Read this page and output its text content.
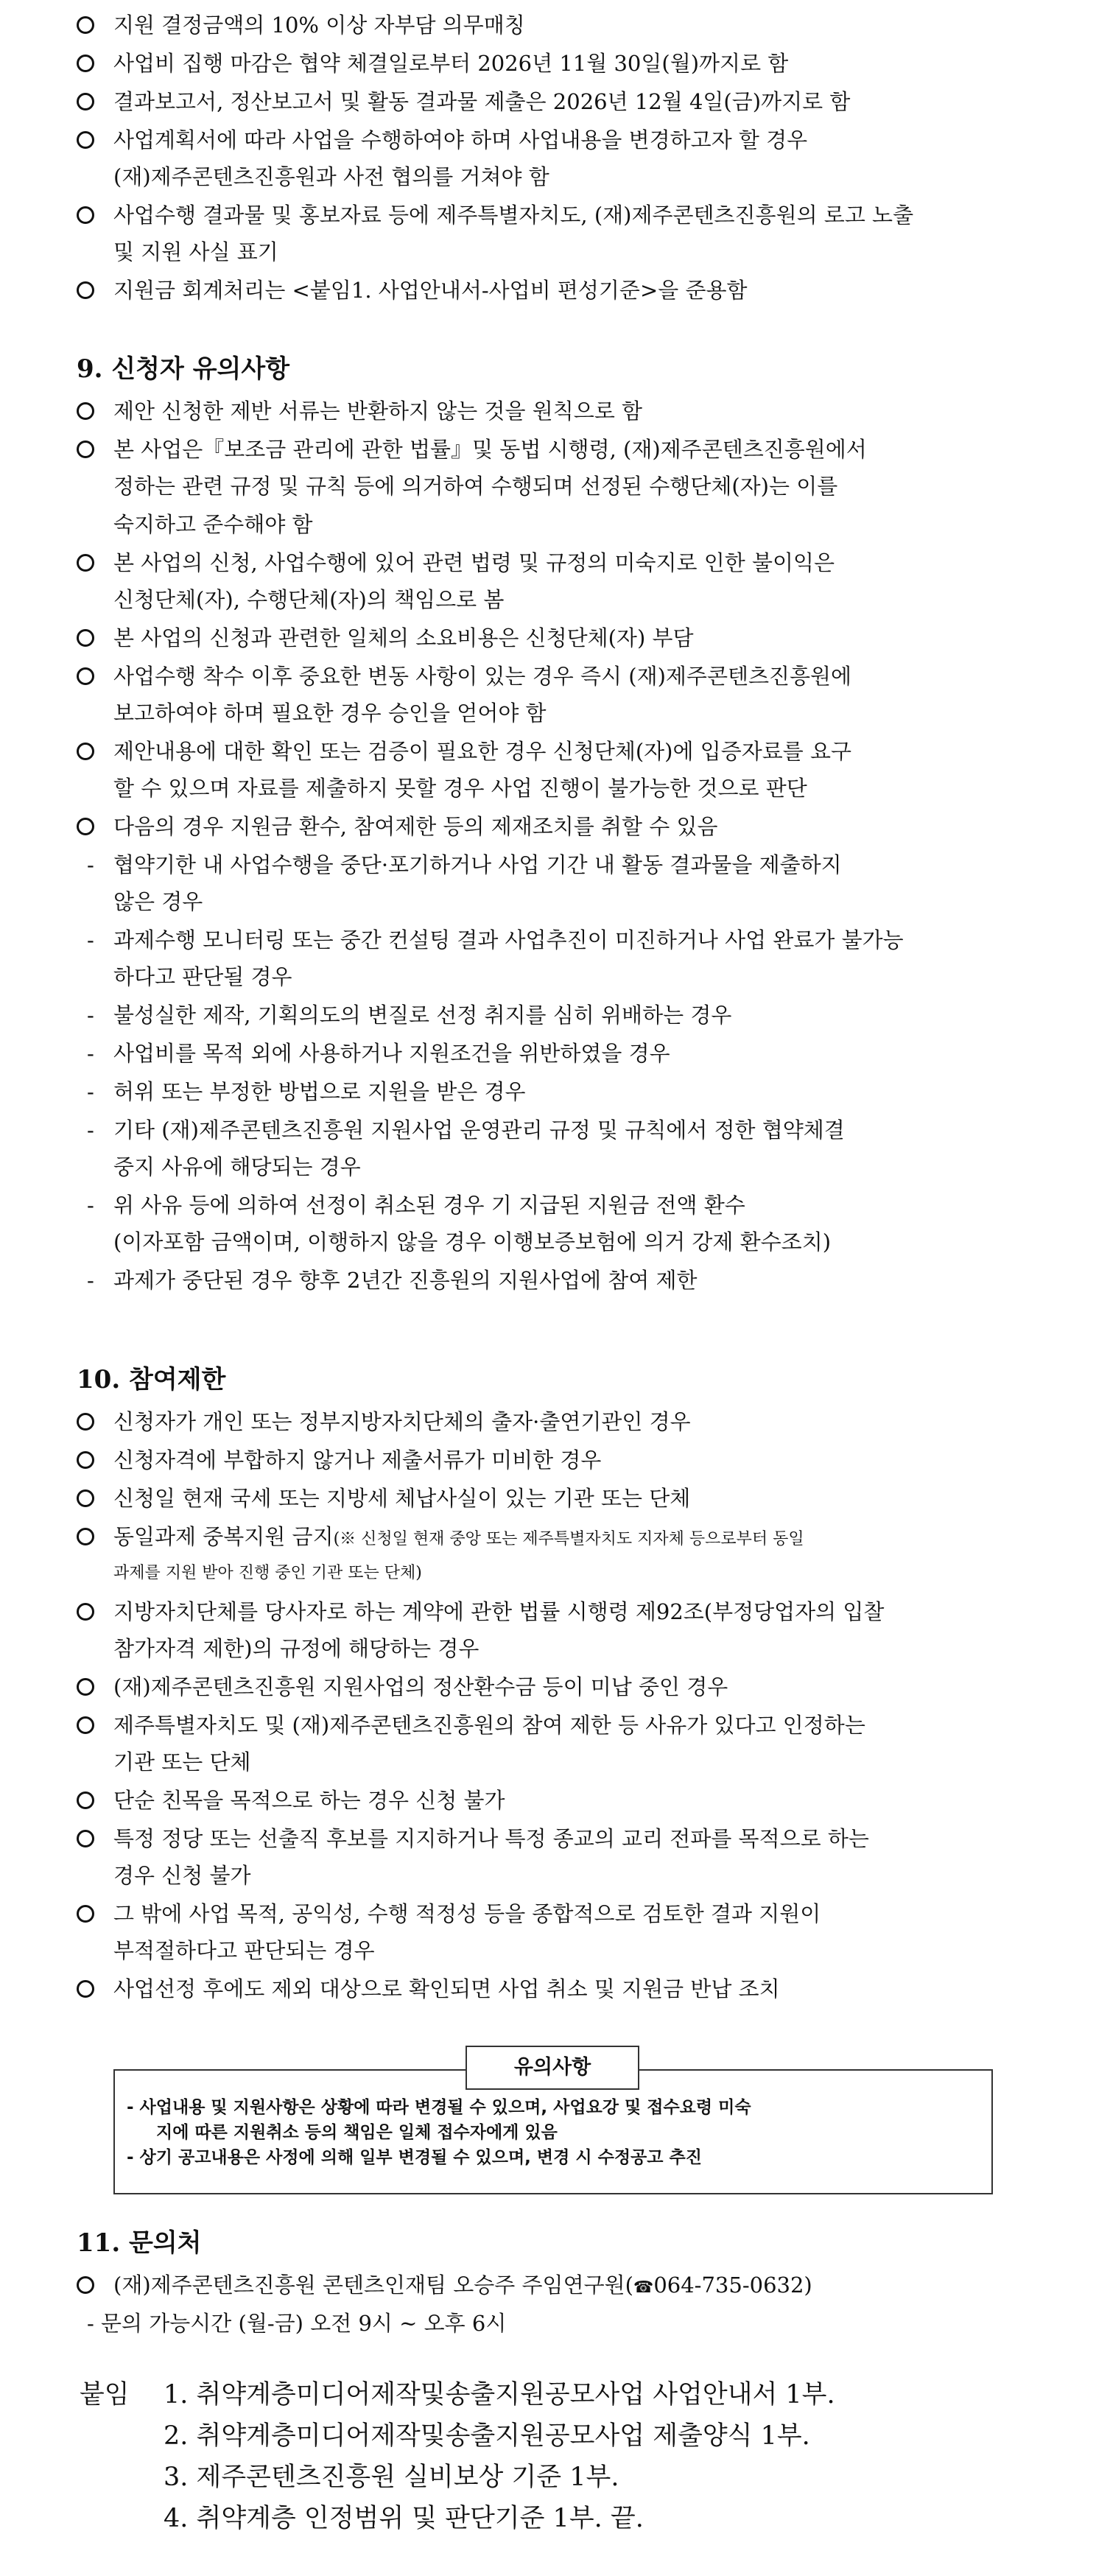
지원 결정금액의 10% 이상 자부담 의무매칭
사업비 집행 마감은 협약 체결일로부터 2026년 11월 30일(월)까지로 함
결과보고서, 정산보고서 및 활동 결과물 제출은 2026년 12월 4일(금)까지로 함
사업계획서에 따라 사업을 수행하여야 하며 사업내용을 변경하고자 할 경우
(재)제주콘텐츠진흥원과 사전 협의를 거쳐야 함
사업수행 결과물 및 홍보자료 등에 제주특별자치도, (재)제주콘텐츠진흥원의 로고 노출
및 지원 사실 표기
지원금 회계처리는 <붙임1. 사업안내서-사업비 편성기준>을 준용함
9. 신청자 유의사항
제안 신청한 제반 서류는 반환하지 않는 것을 원칙으로 함
본 사업은『보조금 관리에 관한 법률』및 동법 시행령, (재)제주콘텐츠진흥원에서
정하는 관련 규정 및 규칙 등에 의거하여 수행되며 선정된 수행단체(자)는 이를
숙지하고 준수해야 함
본 사업의 신청, 사업수행에 있어 관련 법령 및 규정의 미숙지로 인한 불이익은
신청단체(자), 수행단체(자)의 책임으로 봄
본 사업의 신청과 관련한 일체의 소요비용은 신청단체(자) 부담
사업수행 착수 이후 중요한 변동 사항이 있는 경우 즉시 (재)제주콘텐츠진흥원에
보고하여야 하며 필요한 경우 승인을 얻어야 함
제안내용에 대한 확인 또는 검증이 필요한 경우 신청단체(자)에 입증자료를 요구
할 수 있으며 자료를 제출하지 못할 경우 사업 진행이 불가능한 것으로 판단
다음의 경우 지원금 환수, 참여제한 등의 제재조치를 취할 수 있음
- 협약기한 내 사업수행을 중단·포기하거나 사업 기간 내 활동 결과물을 제출하지
않은 경우
- 과제수행 모니터링 또는 중간 컨설팅 결과 사업추진이 미진하거나 사업 완료가 불가능
하다고 판단될 경우
- 불성실한 제작, 기획의도의 변질로 선정 취지를 심히 위배하는 경우
- 사업비를 목적 외에 사용하거나 지원조건을 위반하였을 경우
- 허위 또는 부정한 방법으로 지원을 받은 경우
- 기타 (재)제주콘텐츠진흥원 지원사업 운영관리 규정 및 규칙에서 정한 협약체결
중지 사유에 해당되는 경우
- 위 사유 등에 의하여 선정이 취소된 경우 기 지급된 지원금 전액 환수
(이자포함 금액이며, 이행하지 않을 경우 이행보증보험에 의거 강제 환수조치)
- 과제가 중단된 경우 향후 2년간 진흥원의 지원사업에 참여 제한
10. 참여제한
신청자가 개인 또는 정부지방자치단체의 출자·출연기관인 경우
신청자격에 부합하지 않거나 제출서류가 미비한 경우
신청일 현재 국세 또는 지방세 체납사실이 있는 기관 또는 단체
동일과제 중복지원 금지(※ 신청일 현재 중앙 또는 제주특별자치도 지자체 등으로부터 동일
과제를 지원 받아 진행 중인 기관 또는 단체)
지방자치단체를 당사자로 하는 계약에 관한 법률 시행령 제92조(부정당업자의 입찰
참가자격 제한)의 규정에 해당하는 경우
(재)제주콘텐츠진흥원 지원사업의 정산환수금 등이 미납 중인 경우
제주특별자치도 및 (재)제주콘텐츠진흥원의 참여 제한 등 사유가 있다고 인정하는
기관 또는 단체
단순 친목을 목적으로 하는 경우 신청 불가
특정 정당 또는 선출직 후보를 지지하거나 특정 종교의 교리 전파를 목적으로 하는
경우 신청 불가
그 밖에 사업 목적, 공익성, 수행 적정성 등을 종합적으로 검토한 결과 지원이
부적절하다고 판단되는 경우
사업선정 후에도 제외 대상으로 확인되면 사업 취소 및 지원금 반납 조치
유의사항
- 사업내용 및 지원사항은 상황에 따라 변경될 수 있으며, 사업요강 및 접수요령 미숙
지에 따른 지원취소 등의 책임은 일체 접수자에게 있음
- 상기 공고내용은 사정에 의해 일부 변경될 수 있으며, 변경 시 수정공고 추진
11. 문의처
(재)제주콘텐츠진흥원 콘텐츠인재팀 오승주 주임연구원(☎064-735-0632)
- 문의 가능시간 (월-금) 오전 9시 ~ 오후 6시
붙임 1. 취약계층미디어제작및송출지원공모사업 사업안내서 1부.
2. 취약계층미디어제작및송출지원공모사업 제출양식 1부.
3. 제주콘텐츠진흥원 실비보상 기준 1부.
4. 취약계층 인정범위 및 판단기준 1부. 끝.
